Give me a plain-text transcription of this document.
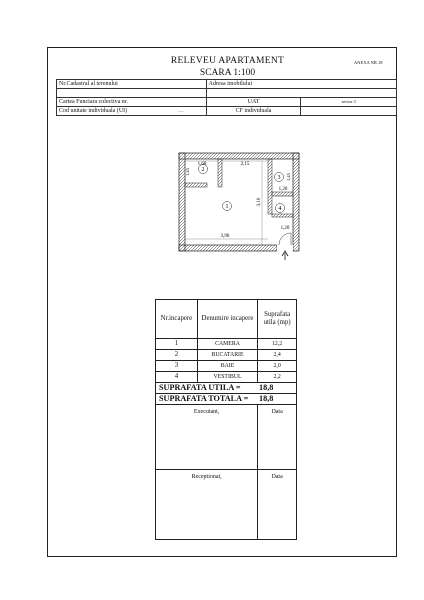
RELEVEU APARTAMENT
SCARA 1:100
ANEXA NR.18
Nr.Cadastral al terenului	Adresa imobilului	

Cartea Funciara colectiva nr.	UAT	sector 3
Cod unitate individuala (UI) ......	CF individuala	
1,68	2,15
3,90
3,10
1,20
1,20
1,45
1,45
1
2
3
4
Nr.incapere	Denumire incapere	Suprafata utila (mp)
1	CAMERA	12,2
2	BUCATARIE	2,4
3	BAIE	2,0
4	VESTIBUL	2,2
SUPRAFATA UTILA = 18,8		
SUPRAFATA TOTALA = 18,8		
Executant,		Data
Receptionat,		Data
